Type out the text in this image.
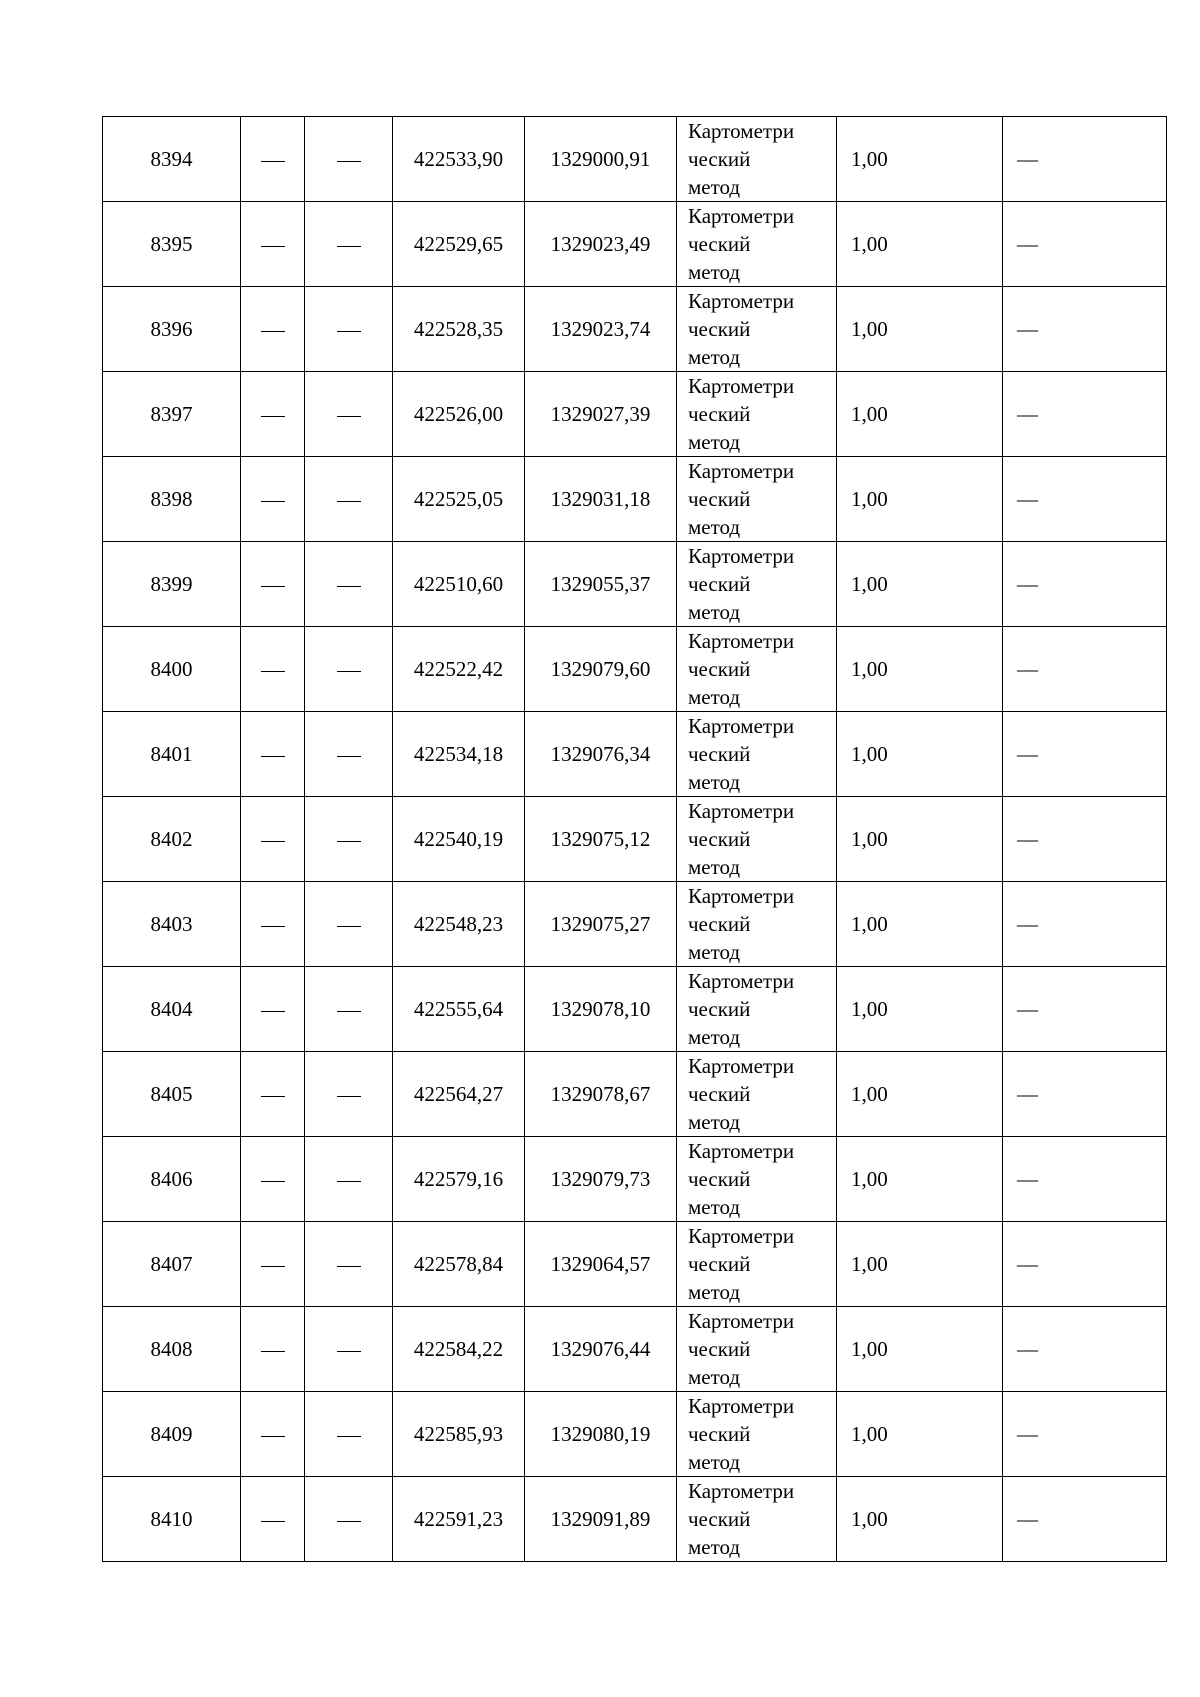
8394			422533,90	1329000,91	Картометри
ческий
метод	1,00	—
8395			422529,65	1329023,49	Картометри
ческий
метод	1,00	—
8396			422528,35	1329023,74	Картометри
ческий
метод	1,00	—
8397			422526,00	1329027,39	Картометри
ческий
метод	1,00	—
8398			422525,05	1329031,18	Картометри
ческий
метод	1,00	—
8399			422510,60	1329055,37	Картометри
ческий
метод	1,00	—
8400			422522,42	1329079,60	Картометри
ческий
метод	1,00	—
8401			422534,18	1329076,34	Картометри
ческий
метод	1,00	—
8402			422540,19	1329075,12	Картометри
ческий
метод	1,00	—
8403			422548,23	1329075,27	Картометри
ческий
метод	1,00	—
8404			422555,64	1329078,10	Картометри
ческий
метод	1,00	—
8405			422564,27	1329078,67	Картометри
ческий
метод	1,00	—
8406			422579,16	1329079,73	Картометри
ческий
метод	1,00	—
8407			422578,84	1329064,57	Картометри
ческий
метод	1,00	—
8408			422584,22	1329076,44	Картометри
ческий
метод	1,00	—
8409			422585,93	1329080,19	Картометри
ческий
метод	1,00	—
8410			422591,23	1329091,89	Картометри
ческий
метод	1,00	—
